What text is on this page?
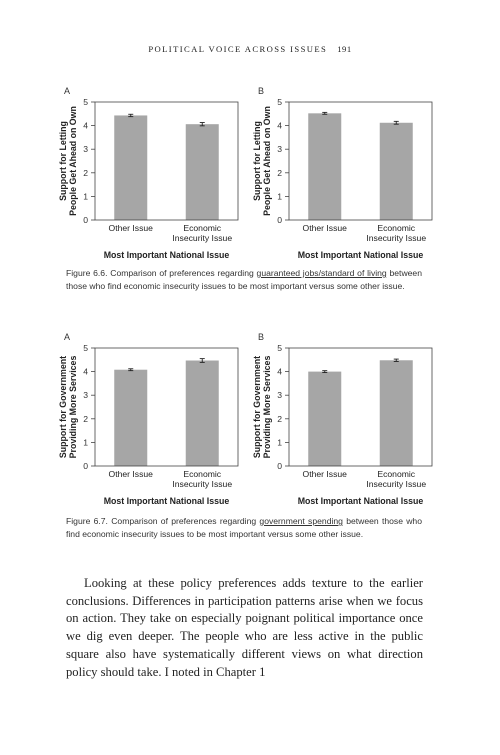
POLITICAL VOICE ACROSS ISSUES 191
A
Support for Letting People Get Ahead on Own
0
1
2
3
4
5
Other Issue	Economic
Insecurity Issue
Most Important National Issue
B
Support for Letting People Get Ahead on Own
0
1
2
3
4
5
Other Issue	Economic
Insecurity Issue
Most Important National Issue
Figure 6.6. Comparison of preferences regarding guaranteed jobs/standard of living between those who find economic insecurity issues to be most important versus some other issue.
A
Support for Government Providing More Services
0
1
2
3
4
5
Other Issue	Economic
Insecurity Issue
Most Important National Issue
B
Support for Government Providing More Services
0
1
2
3
4
5
Other Issue	Economic
Insecurity Issue
Most Important National Issue
Figure 6.7. Comparison of preferences regarding government spending between those who find economic insecurity issues to be most important versus some other issue.
Looking at these policy preferences adds texture to the earlier conclusions. Differences in participation patterns arise when we focus on action. They take on especially poignant political importance once we dig even deeper. The people who are less active in the public square also have systematically different views on what direction policy should take. I noted in Chapter 1
